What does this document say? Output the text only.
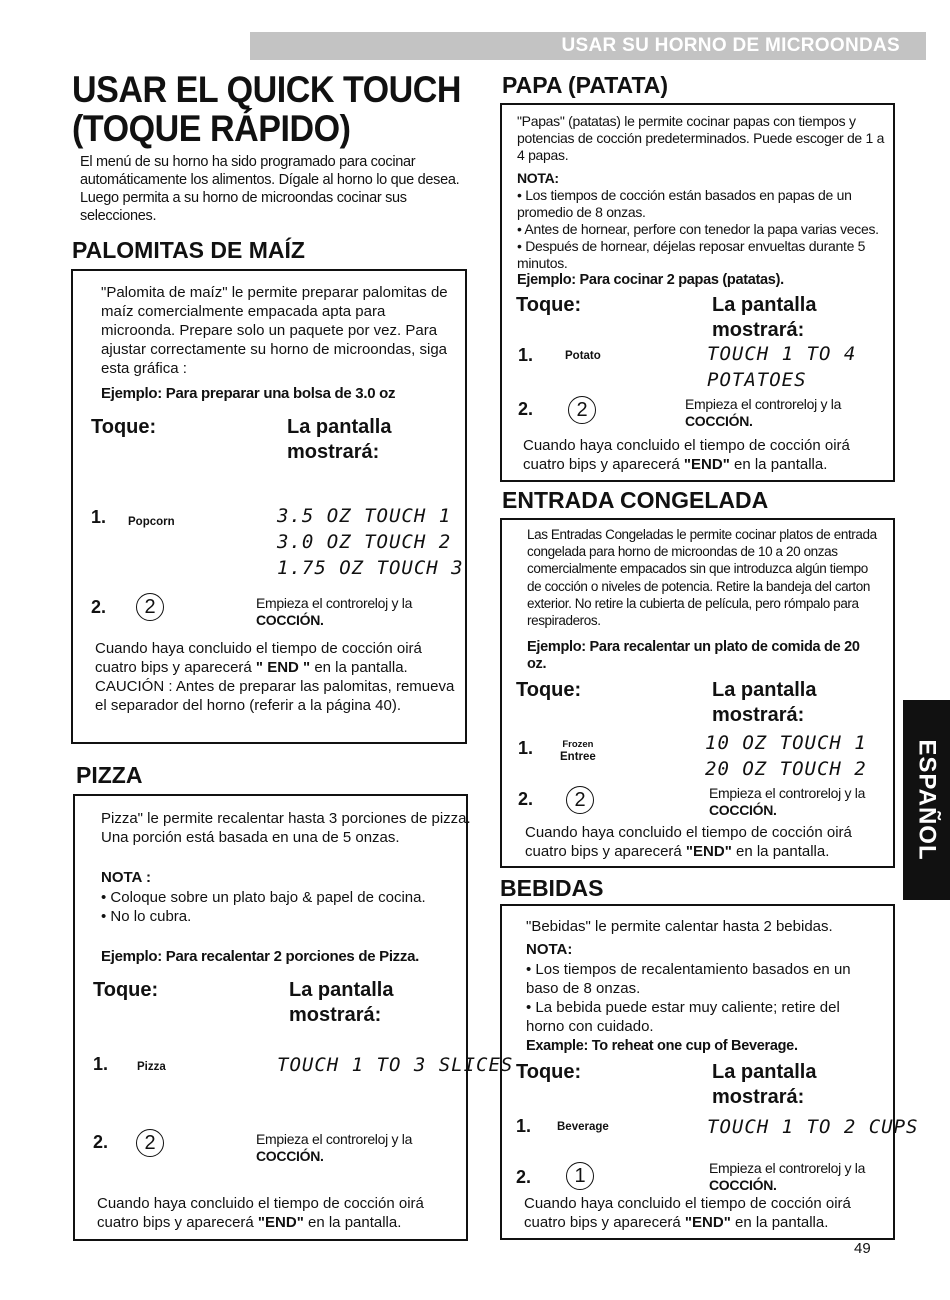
USAR SU HORNO DE MICROONDAS
USAR EL QUICK TOUCH
(TOQUE RÁPIDO)
El menú de su horno ha sido programado para cocinar automáticamente los alimentos. Dígale al horno lo que desea. Luego permita a su horno de microondas cocinar sus selecciones.
PALOMITAS DE MAÍZ
"Palomita de maíz" le permite preparar palomitas de maíz comercialmente empacada apta para microonda. Prepare solo un paquete por vez. Para ajustar correctamente su horno de microondas, siga esta gráfica :
Ejemplo: Para preparar una bolsa de 3.0 oz
Toque:	La pantalla
mostrará:
1. Popcorn	3.5 OZ TOUCH 1
3.0 OZ TOUCH 2
1.75 OZ TOUCH 3
2.	2	Empieza el controreloj y la COCCIÓN.
Cuando haya concluido el tiempo de cocción oirá cuatro bips y aparecerá " END " en la pantalla.
CAUCIÓN : Antes de preparar las palomitas, remueva el separador del horno (referir a la página 40).
PIZZA
Pizza" le permite recalentar hasta 3 porciones de pizza. Una porción está basada en una de 5 onzas.
NOTA :
• Coloque sobre un plato bajo & papel de cocina.
• No lo cubra.
Ejemplo: Para recalentar 2 porciones de Pizza.
Toque:	La pantalla
mostrará:
1.	Pizza	TOUCH 1 TO 3 SLICES
2.	2	Empieza el controreloj y la COCCIÓN.
Cuando haya concluido el tiempo de cocción oirá cuatro bips y aparecerá "END" en la pantalla.
PAPA (PATATA)
"Papas" (patatas) le permite cocinar papas con tiempos y potencias de cocción predeterminados. Puede escoger de 1 a 4 papas.
NOTA:
• Los tiempos de cocción están basados en papas de un promedio de 8 onzas.
• Antes de hornear, perfore con tenedor la papa varias veces.
• Después de hornear, déjelas reposar envueltas durante 5 minutos.
Ejemplo: Para cocinar 2 papas (patatas).
Toque:	La pantalla
mostrará:
1.	Potato	TOUCH 1 TO 4
POTATOES
2.	2	Empieza el controreloj y la COCCIÓN.
Cuando haya concluido el tiempo de cocción oirá cuatro bips y aparecerá "END" en la pantalla.
ENTRADA CONGELADA
Las Entradas Congeladas le permite cocinar platos de entrada congelada para horno de microondas de 10 a 20 onzas comercialmente empacados sin que introduzca algún tiempo de cocción o niveles de potencia. Retire la bandeja del carton exterior. No retire la cubierta de película, pero rómpalo para respiraderos.
Ejemplo: Para recalentar un plato de comida de 20 oz.
Toque:	La pantalla
mostrará:
1.	Frozen
Entree
10 OZ TOUCH 1
20 OZ TOUCH 2
2.	2	Empieza el controreloj y la COCCIÓN.
Cuando haya concluido el tiempo de cocción oirá cuatro bips y aparecerá "END" en la pantalla.
BEBIDAS
"Bebidas" le permite calentar hasta 2 bebidas.
NOTA:
• Los tiempos de recalentamiento basados en un baso de 8 onzas.
• La bebida puede estar muy caliente; retire del horno con cuidado.
Example: To reheat one cup of Beverage.
Toque:	La pantalla
mostrará:
1. Beverage	TOUCH 1 TO 2 CUPS
2.	1	Empieza el controreloj y la COCCIÓN.
Cuando haya concluido el tiempo de cocción oirá cuatro bips y aparecerá "END" en la pantalla.
ESPAÑOL
49
